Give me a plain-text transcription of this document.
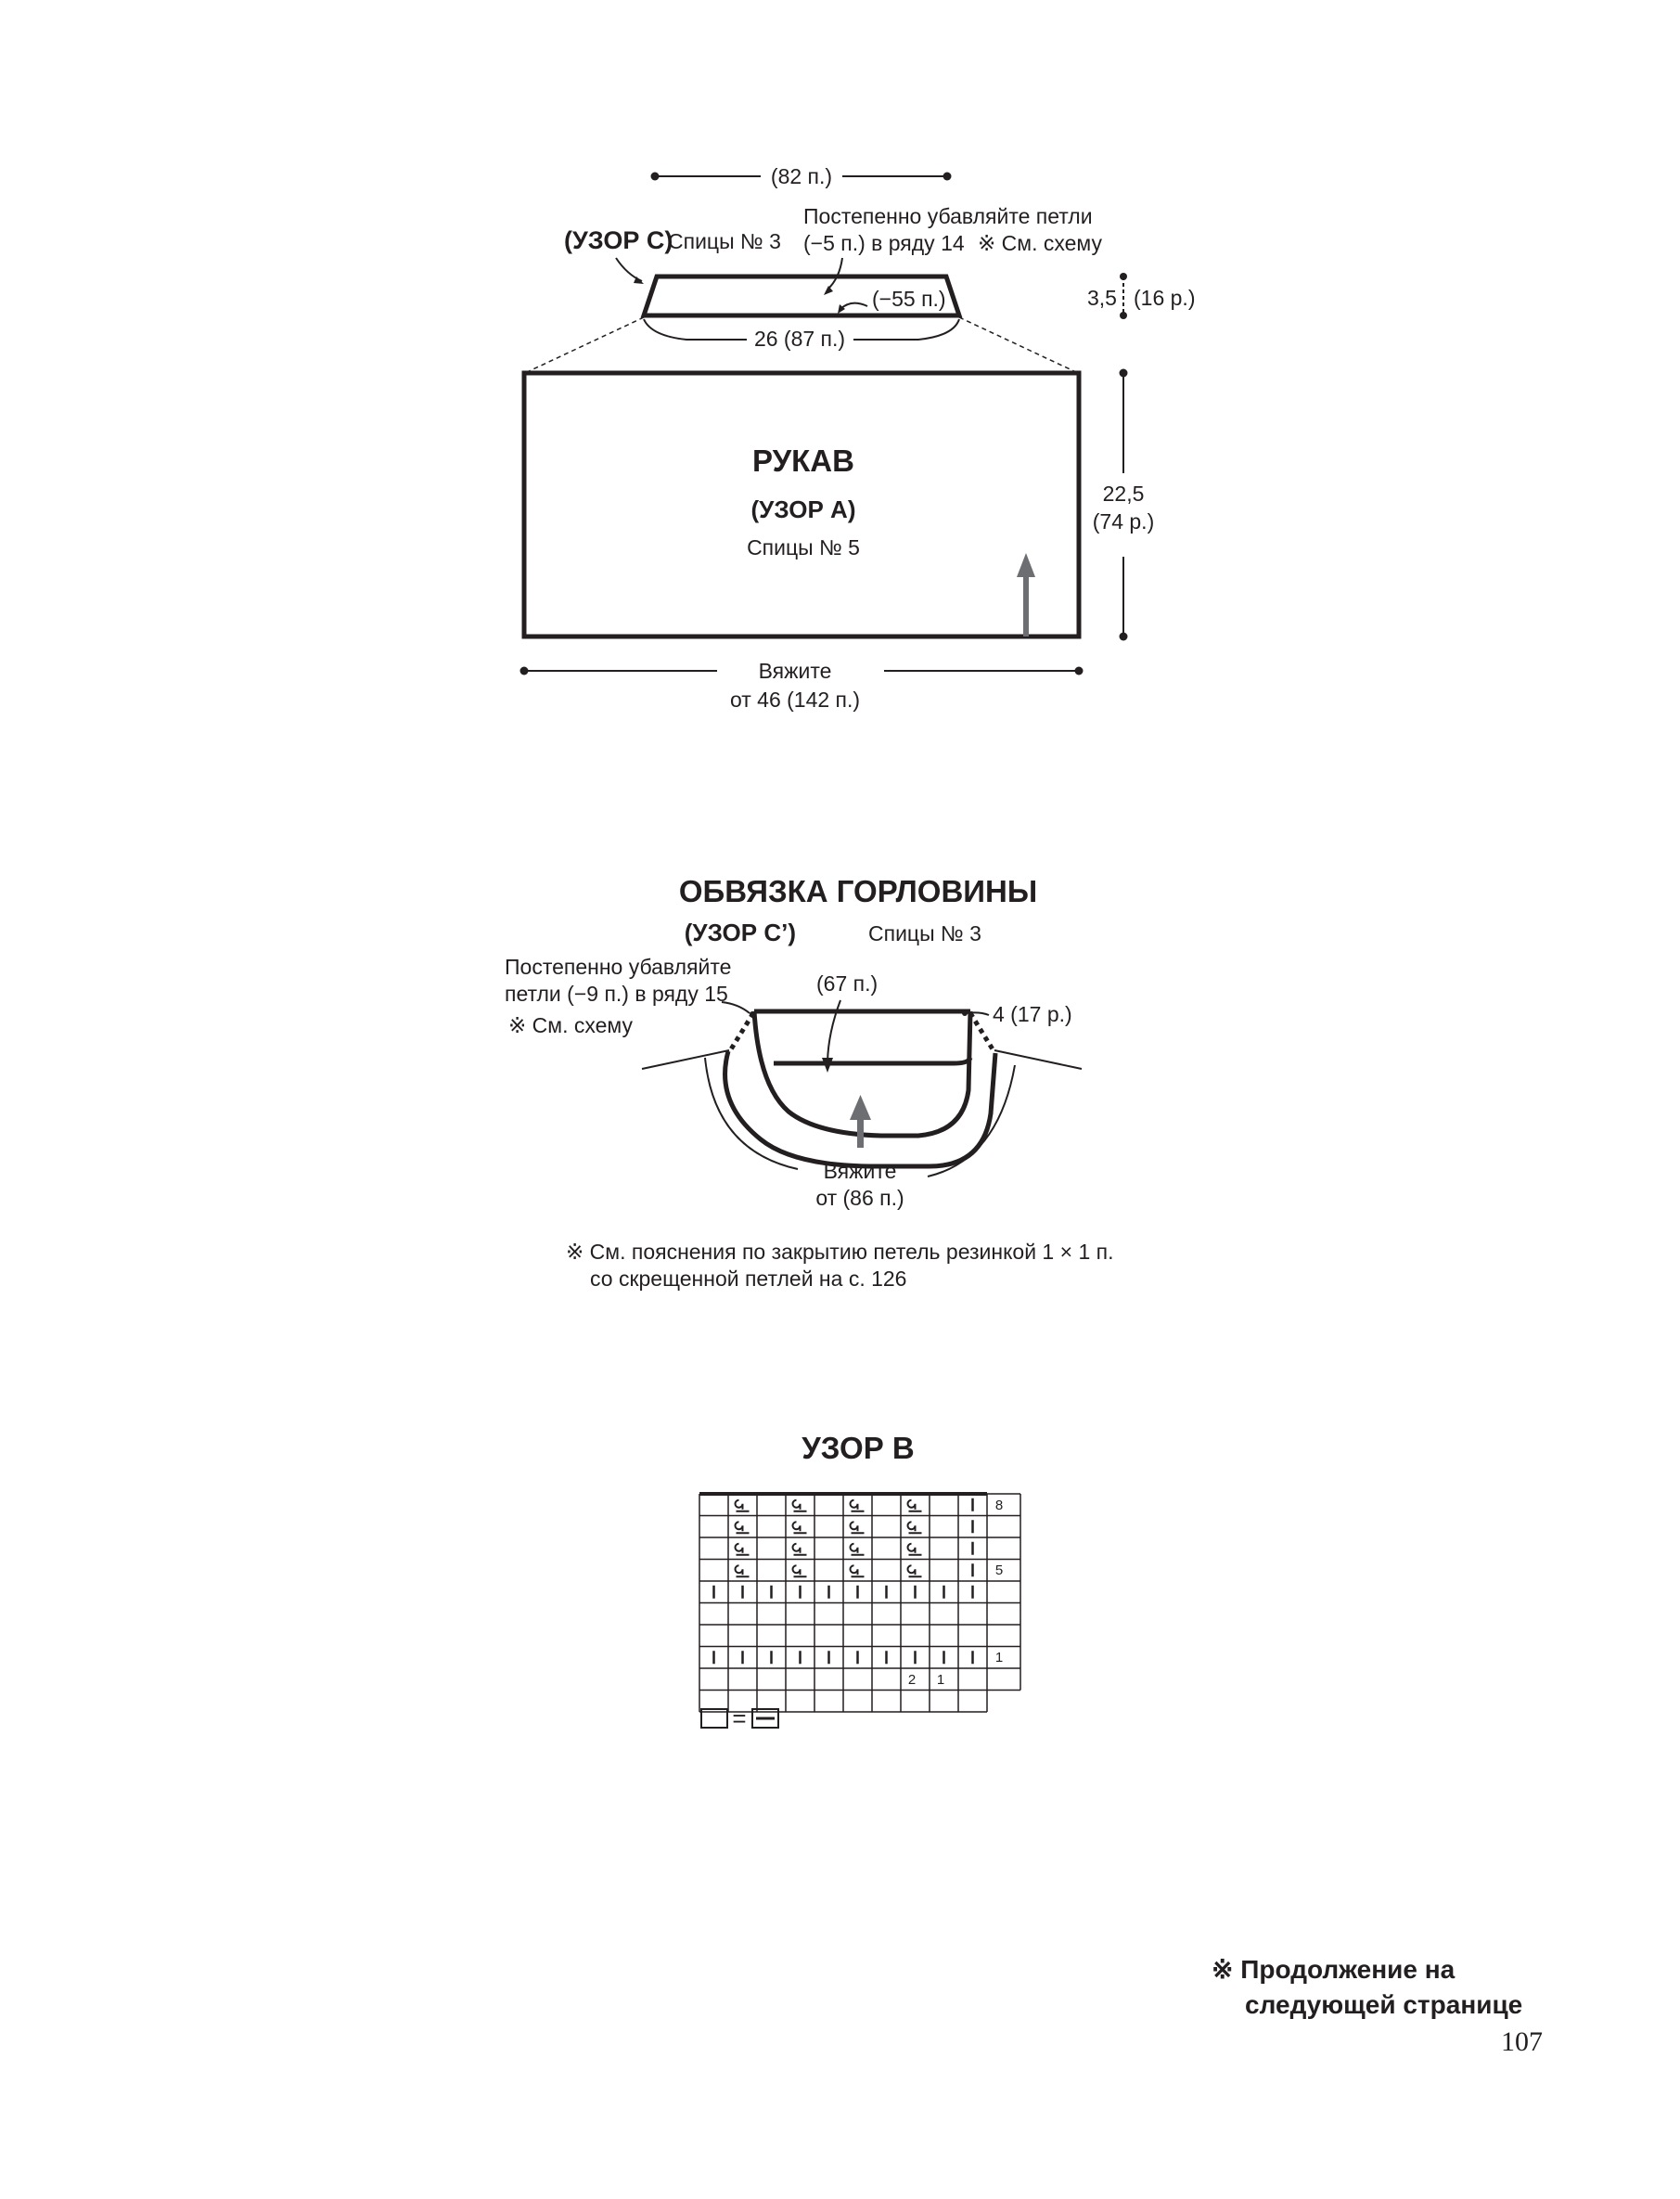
(82 п.)
(УЗОР С)
Спицы № 3
Постепенно убавляйте петли
(−5 п.) в ряду 14 ※ См. схему
(−55 п.)
26 (87 п.)
3,5 (16 р.)
РУКАВ
(УЗОР А)
Спицы № 5
22,5
(74 р.)
Вяжите
от 46 (142 п.)
ОБВЯЗКА ГОРЛОВИНЫ
(УЗОР С’)	Спицы № 3
Постепенно убавляйте
петли (−9 п.) в ряду 15
※ См. схему
(67 п.)
4 (17 р.)
Вяжите
от (86 п.)
※ См. пояснения по закрытию петель резинкой 1 × 1 п.
со скрещенной петлей на с. 126
УЗОР В
8
5
1
2 1
=
※ Продолжение на
следующей странице
107
